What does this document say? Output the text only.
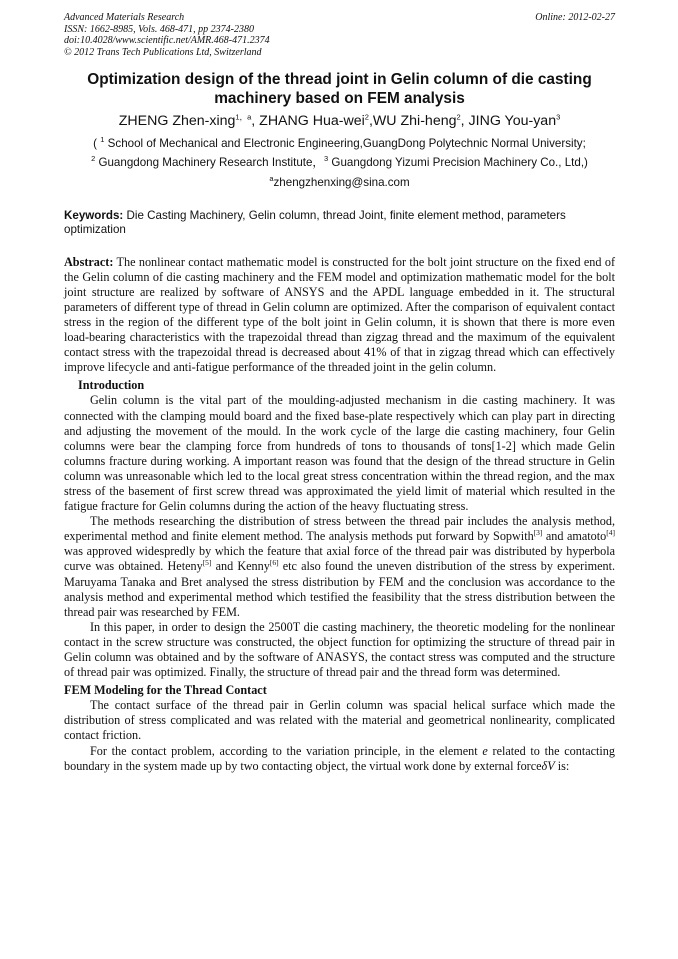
Advanced Materials Research	Online: 2012-02-27
ISSN: 1662-8985, Vols. 468-471, pp 2374-2380
doi:10.4028/www.scientific.net/AMR.468-471.2374
© 2012 Trans Tech Publications Ltd, Switzerland
Optimization design of the thread joint in Gelin column of die casting machinery based on FEM analysis
ZHENG Zhen-xing$^{1,a}$, ZHANG Hua-wei$^2$,WU Zhi-heng$^2$, JING You-yan$^3$
( $^1$ School of Mechanical and Electronic Engineering,GuangDong Polytechnic Normal University;
$^2$ Guangdong Machinery Research Institute，$^3$ Guangdong Yizumi Precision Machinery Co., Ltd,)
$^a$zhengzhenxing@sina.com
Keywords: Die Casting Machinery, Gelin column, thread Joint, finite element method, parameters optimization
Abstract: The nonlinear contact mathematic model is constructed for the bolt joint structure on the fixed end of the Gelin column of die casting machinery and the FEM model and optimization mathematic model for the bolt joint structure are realized by software of ANSYS and the APDL language embedded in it. The structural parameters of different type of thread in Gelin column are optimized. After the comparison of equivalent contact stress in the region of the different type of the bolt joint in Gelin column, it is shown that there is more even load-bearing characteristics with the trapezoidal thread than zigzag thread and the maximum of the equivalent contact stress with the trapezoidal thread is decreased about 41% of that in zigzag thread which can effectively improve lifecycle and anti-fatigue performance of the threaded joint in the gelin column.
Introduction

Gelin column is the vital part of the moulding-adjusted mechanism in die casting machinery. It was connected with the clamping mould board and the fixed base-plate respectively which can play part in directing and adjusting the movement of the mould. In the work cycle of the large die casting machinery, four Gelin columns were bear the clamping force from hundreds of tons to thousands of tons[1-2] which made Gelin columns fracture during working. A important reason was found that the design of the thread structure in Gelin column was unreasonable which led to the local great stress concentration within the thread region, and the max stress of the basement of first screw thread was approximated the yield limit of material which resulted in the fatigue fracture for Gelin columns during the action of the heavy fluctuating stress.

The methods researching the distribution of stress between the thread pair includes the analysis method, experimental method and finite element method. The analysis methods put forward by Sopwith[3] and amatoto[4] was approved widespredly by which the feature that axial force of the thread pair was distributed by hyperbola curve was obtained. Heteny[5] and Kenny[6] etc also found the uneven distribution of the stress by experiment. Maruyama Tanaka and Bret analysed the stress distribution by FEM and the conclusion was accordance to the analysis method and experimental method which testified the feasibility that the stress distribution between the thread pair was researched by FEM.

In this paper, in order to design the 2500T die casting machinery, the theoretic modeling for the nonlinear contact in the screw structure was constructed, the object function for optimizing the structure of thread pair in Gelin column was obtained and by the software of ANASYS, the contact stress was computed and the structure of thread pair was optimized. Finally, the structure of thread pair and the thread form was determined.

FEM Modeling for the Thread Contact

The contact surface of the thread pair in Gerlin column was spacial helical surface which made the distribution of stress complicated and was related with the material and geometrical nonlinearity, complicated contact friction.

For the contact problem, according to the variation principle, in the element e related to the contacting boundary in the system made up by two contacting object, the virtual work done by external forceδV is:
